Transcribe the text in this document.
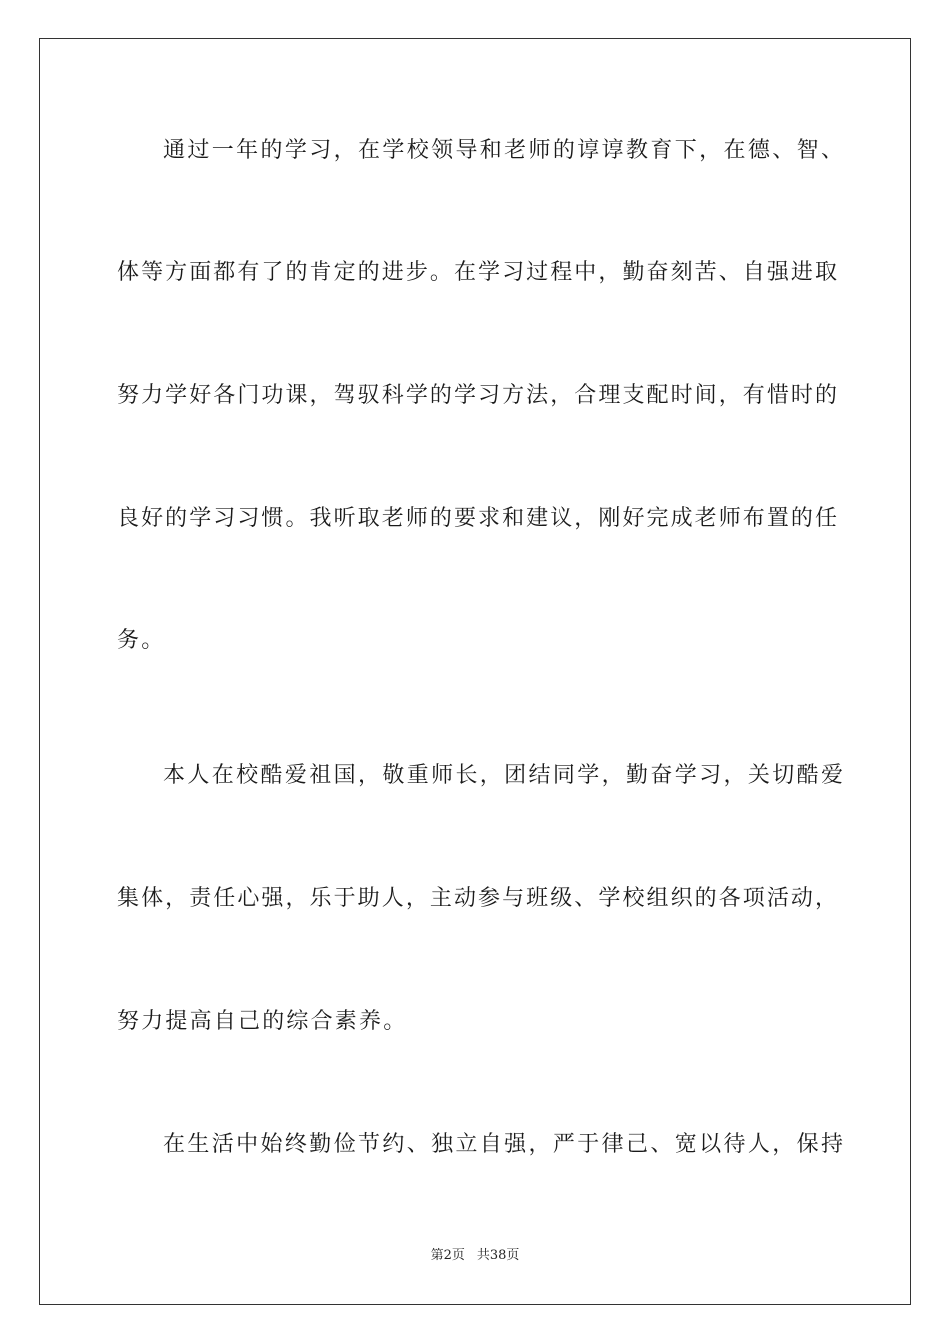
通过一年的学习，在学校领导和老师的谆谆教育下，在德、智、
体等方面都有了的肯定的进步。在学习过程中，勤奋刻苦、自强进取
努力学好各门功课，驾驭科学的学习方法，合理支配时间，有惜时的
良好的学习习惯。我听取老师的要求和建议，刚好完成老师布置的任
务。
本人在校酷爱祖国，敬重师长，团结同学，勤奋学习，关切酷爱
集体，责任心强，乐于助人，主动参与班级、学校组织的各项活动，
努力提高自己的综合素养。
在生活中始终勤俭节约、独立自强，严于律己、宽以待人，保持
第2页 共38页
